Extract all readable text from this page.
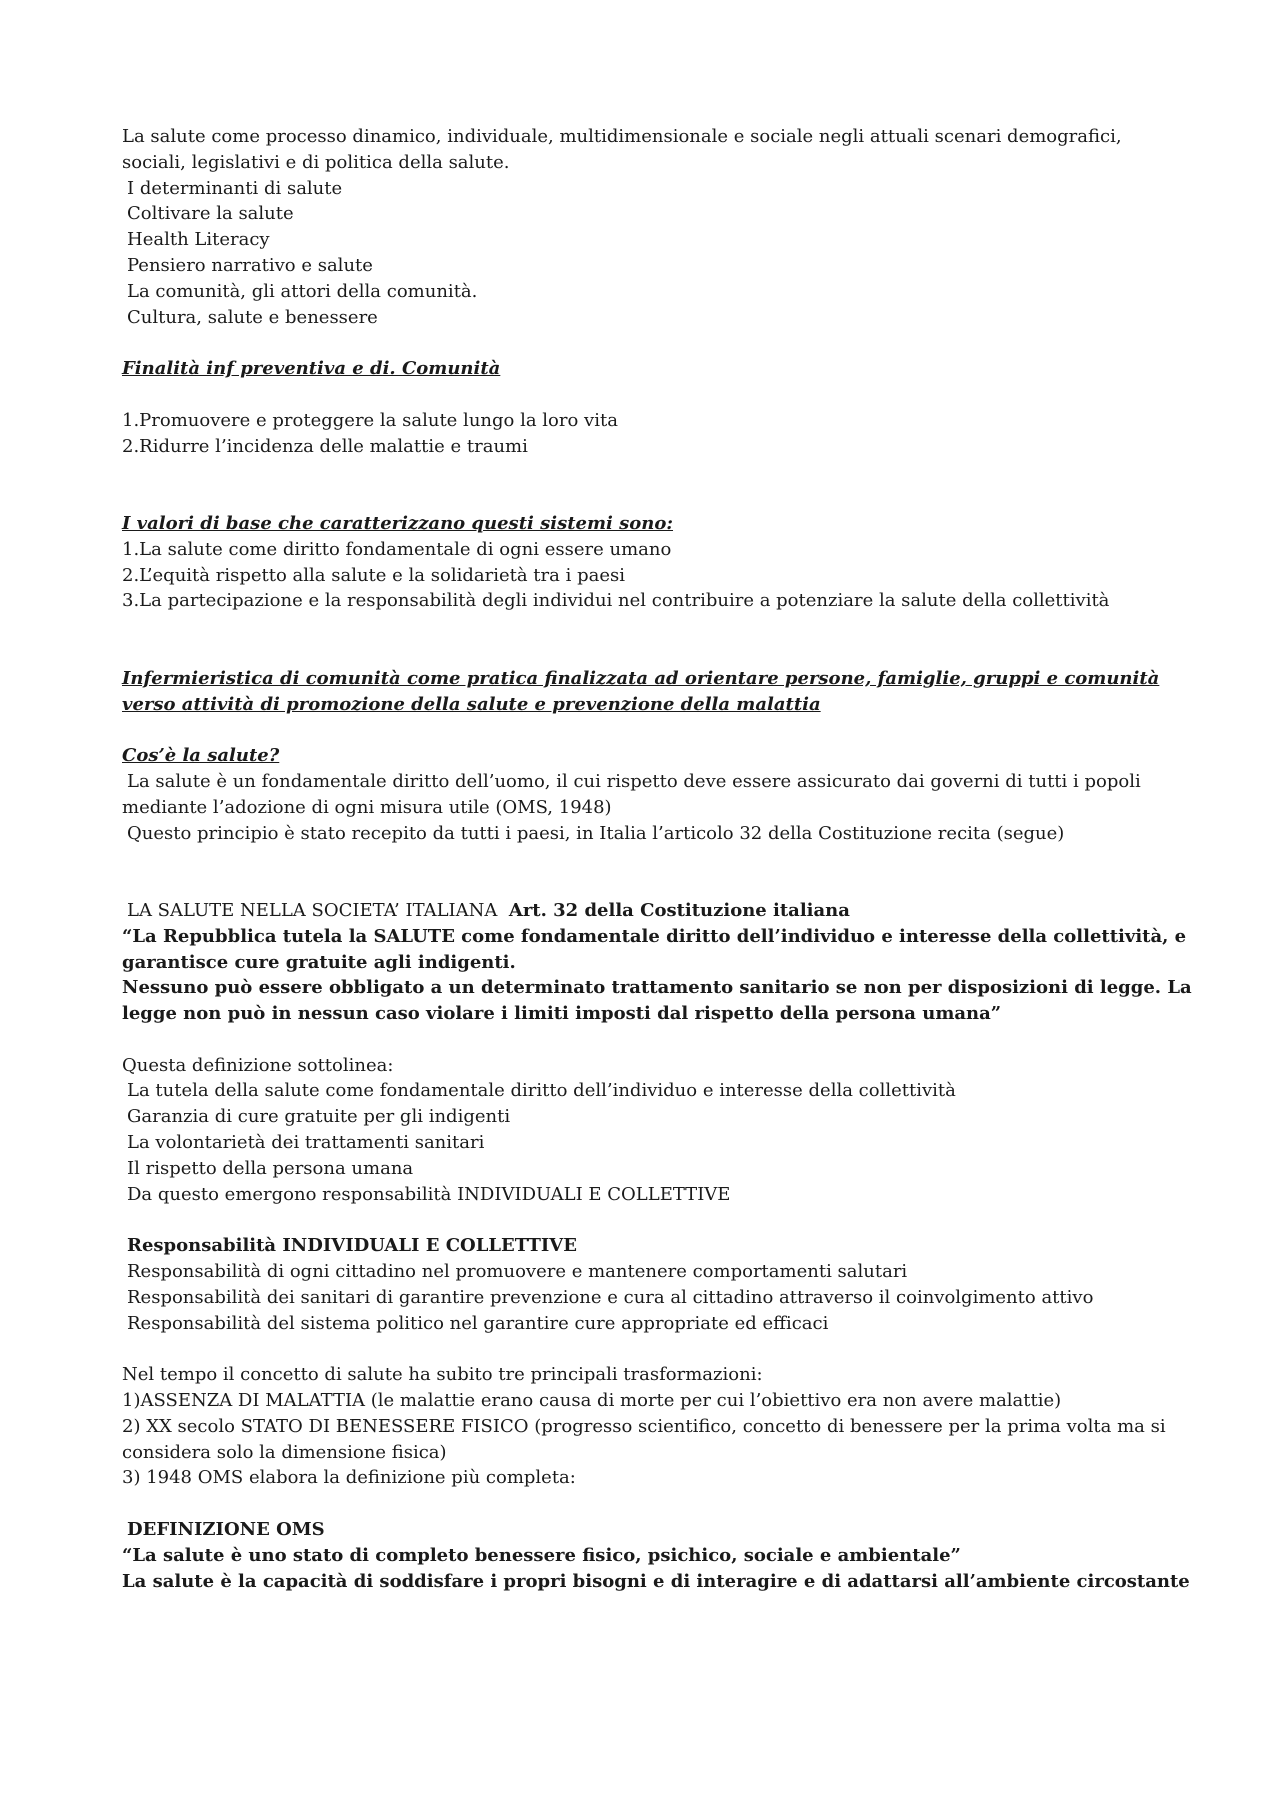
La salute come processo dinamico, individuale, multidimensionale e sociale negli attuali scenari demografici,
sociali, legislativi e di politica della salute.
I determinanti di salute
Coltivare la salute
Health Literacy
Pensiero narrativo e salute
La comunità, gli attori della comunità.
Cultura, salute e benessere
Finalità inf preventiva e di. Comunità
1.Promuovere e proteggere la salute lungo la loro vita
2.Ridurre l’incidenza delle malattie e traumi
I valori di base che caratterizzano questi sistemi sono:
1.La salute come diritto fondamentale di ogni essere umano
2.L’equità rispetto alla salute e la solidarietà tra i paesi
3.La partecipazione e la responsabilità degli individui nel contribuire a potenziare la salute della collettività
Infermieristica di comunità come pratica finalizzata ad orientare persone, famiglie, gruppi e comunità
verso attività di promozione della salute e prevenzione della malattia
Cos’è la salute?
La salute è un fondamentale diritto dell’uomo, il cui rispetto deve essere assicurato dai governi di tutti i popoli
mediante l’adozione di ogni misura utile (OMS, 1948)
Questo principio è stato recepito da tutti i paesi, in Italia l’articolo 32 della Costituzione recita (segue)
LA SALUTE NELLA SOCIETA’ ITALIANA Art. 32 della Costituzione italiana
“La Repubblica tutela la SALUTE come fondamentale diritto dell’individuo e interesse della collettività, e
garantisce cure gratuite agli indigenti.
Nessuno può essere obbligato a un determinato trattamento sanitario se non per disposizioni di legge. La
legge non può in nessun caso violare i limiti imposti dal rispetto della persona umana”
Questa definizione sottolinea:
La tutela della salute come fondamentale diritto dell’individuo e interesse della collettività
Garanzia di cure gratuite per gli indigenti
La volontarietà dei trattamenti sanitari
Il rispetto della persona umana
Da questo emergono responsabilità INDIVIDUALI E COLLETTIVE
Responsabilità INDIVIDUALI E COLLETTIVE
Responsabilità di ogni cittadino nel promuovere e mantenere comportamenti salutari
Responsabilità dei sanitari di garantire prevenzione e cura al cittadino attraverso il coinvolgimento attivo
Responsabilità del sistema politico nel garantire cure appropriate ed efficaci
Nel tempo il concetto di salute ha subito tre principali trasformazioni:
1)ASSENZA DI MALATTIA (le malattie erano causa di morte per cui l’obiettivo era non avere malattie)
2) XX secolo STATO DI BENESSERE FISICO (progresso scientifico, concetto di benessere per la prima volta ma si
considera solo la dimensione fisica)
3) 1948 OMS elabora la definizione più completa:
DEFINIZIONE OMS
“La salute è uno stato di completo benessere fisico, psichico, sociale e ambientale”
La salute è la capacità di soddisfare i propri bisogni e di interagire e di adattarsi all’ambiente circostante
